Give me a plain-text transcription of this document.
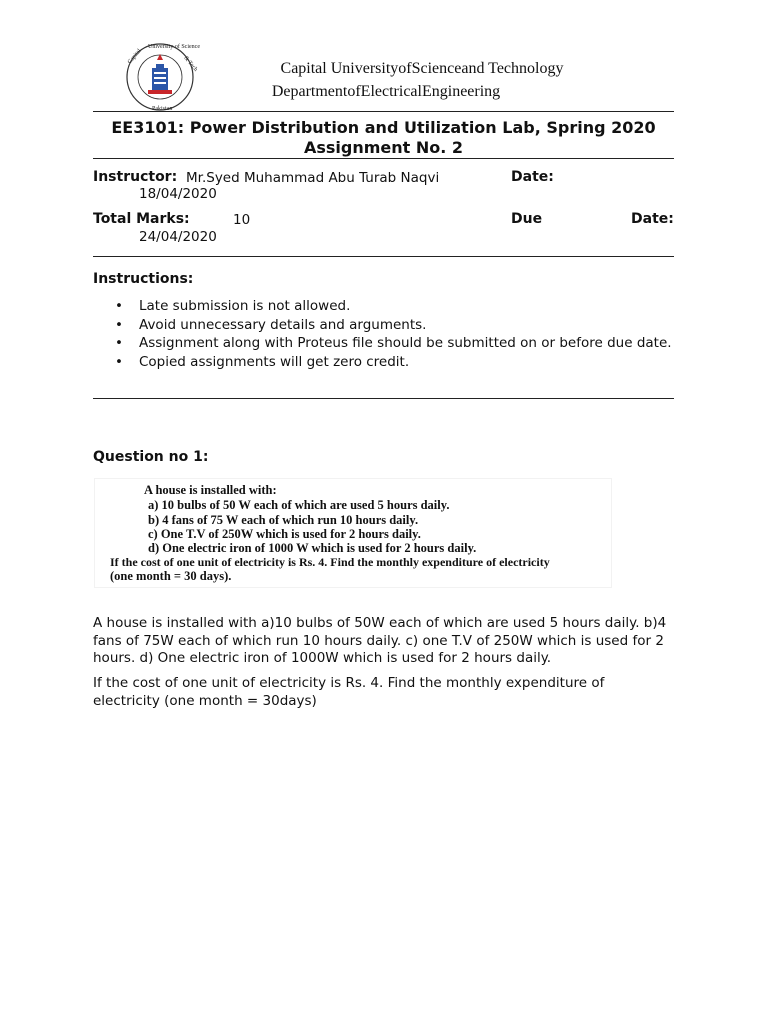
Capital
University of Science
& Tech
Pakistan
Capital UniversityofScienceand Technology
DepartmentofElectricalEngineering
EE3101: Power Distribution and Utilization Lab, Spring 2020
Assignment No. 2
Instructor: Mr.Syed Muhammad Abu Turab Naqvi	Date:
18/04/2020
Total Marks:	10	Due	Date:
24/04/2020
Instructions:
• Late submission is not allowed.
• Avoid unnecessary details and arguments.
• Assignment along with Proteus file should be submitted on or before due date.
• Copied assignments will get zero credit.
Question no 1:
A house is installed with:
a) 10 bulbs of 50 W each of which are used 5 hours daily.
b) 4 fans of 75 W each of which run 10 hours daily.
c) One T.V of 250W which is used for 2 hours daily.
d) One electric iron of 1000 W which is used for 2 hours daily.
If the cost of one unit of electricity is Rs. 4. Find the monthly expenditure of electricity
(one month = 30 days).
A house is installed with a)10 bulbs of 50W each of which are used 5 hours daily. b)4 fans of 75W each of which run 10 hours daily. c) one T.V of 250W which is used for 2 hours. d) One electric iron of 1000W which is used for 2 hours daily.
If the cost of one unit of electricity is Rs. 4. Find the monthly expenditure of electricity (one month = 30days)
